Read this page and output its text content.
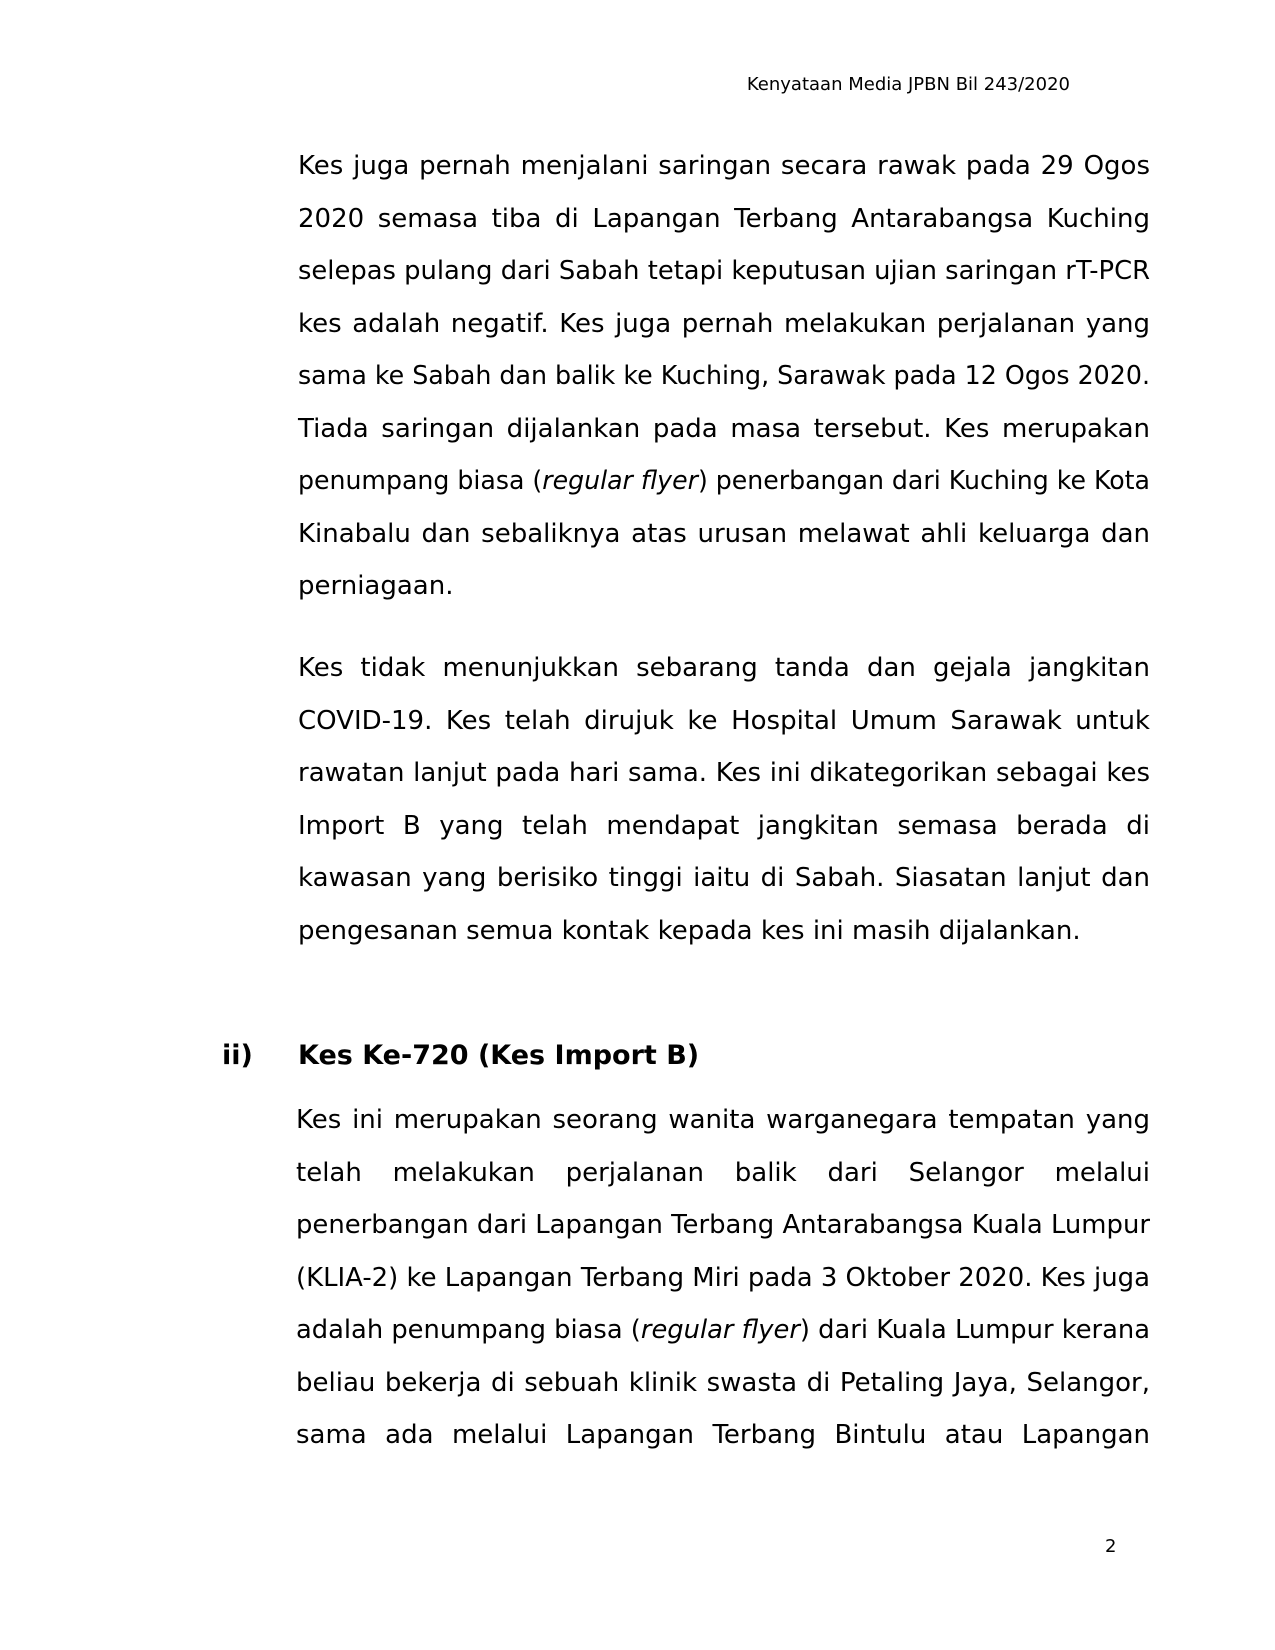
Kenyataan Media JPBN Bil 243/2020
Kes juga pernah menjalani saringan secara rawak pada 29 Ogos
2020 semasa tiba di Lapangan Terbang Antarabangsa Kuching
selepas pulang dari Sabah tetapi keputusan ujian saringan rT-PCR
kes adalah negatif. Kes juga pernah melakukan perjalanan yang
sama ke Sabah dan balik ke Kuching, Sarawak pada 12 Ogos 2020.
Tiada saringan dijalankan pada masa tersebut. Kes merupakan
penumpang biasa (regular flyer) penerbangan dari Kuching ke Kota
Kinabalu dan sebaliknya atas urusan melawat ahli keluarga dan
perniagaan.
Kes tidak menunjukkan sebarang tanda dan gejala jangkitan
COVID-19. Kes telah dirujuk ke Hospital Umum Sarawak untuk
rawatan lanjut pada hari sama. Kes ini dikategorikan sebagai kes
Import B yang telah mendapat jangkitan semasa berada di
kawasan yang berisiko tinggi iaitu di Sabah. Siasatan lanjut dan
pengesanan semua kontak kepada kes ini masih dijalankan.
ii) Kes Ke-720 (Kes Import B)
Kes ini merupakan seorang wanita warganegara tempatan yang
telah melakukan perjalanan balik dari Selangor melalui
penerbangan dari Lapangan Terbang Antarabangsa Kuala Lumpur (KLIA-2) ke Lapangan Terbang Miri pada 3 Oktober 2020. Kes juga adalah penumpang biasa (regular flyer) dari Kuala Lumpur kerana
beliau bekerja di sebuah klinik swasta di Petaling Jaya, Selangor,
sama ada melalui Lapangan Terbang Bintulu atau Lapangan
2
